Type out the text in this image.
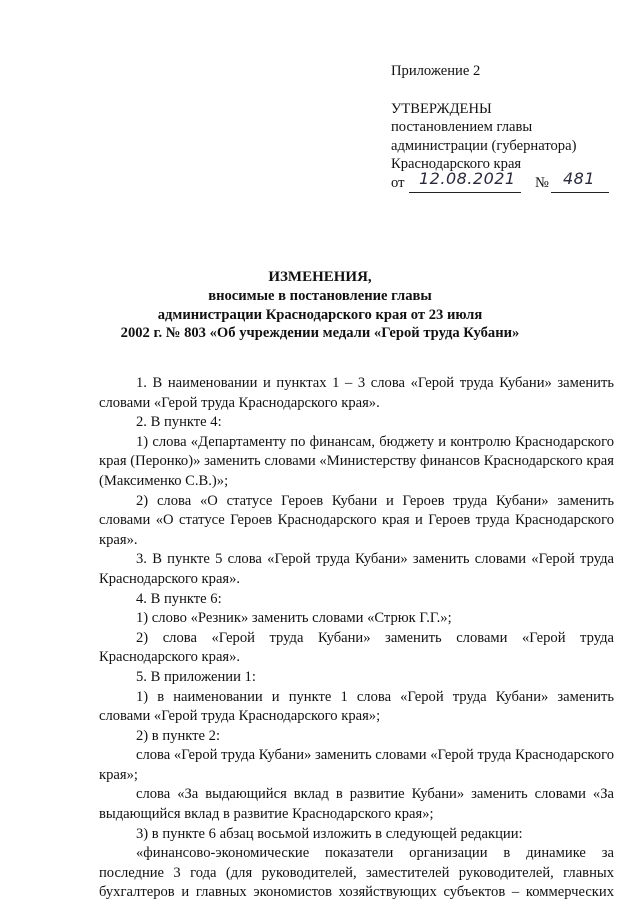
Приложение 2
УТВЕРЖДЕНЫ
постановлением главы
администрации (губернатора)
Краснодарского края
от 12.08.2021 № 481
ИЗМЕНЕНИЯ,
вносимые в постановление главы
администрации Краснодарского края от 23 июля
2002 г. № 803 «Об учреждении медали «Герой труда Кубани»

1. В наименовании и пунктах 1 – 3 слова «Герой труда Кубани» заменить словами «Герой труда Краснодарского края».

2. В пункте 4:

1) слова «Департаменту по финансам, бюджету и контролю Краснодарского края (Перонко)» заменить словами «Министерству финансов Краснодарского края (Максименко С.В.)»;

2) слова «О статусе Героев Кубани и Героев труда Кубани» заменить словами «О статусе Героев Краснодарского края и Героев труда Краснодарского края».

3. В пункте 5 слова «Герой труда Кубани» заменить словами «Герой труда Краснодарского края».

4. В пункте 6:

1) слово «Резник» заменить словами «Стрюк Г.Г.»;

2) слова «Герой труда Кубани» заменить словами «Герой труда Краснодарского края».

5. В приложении 1:

1) в наименовании и пункте 1 слова «Герой труда Кубани» заменить словами «Герой труда Краснодарского края»;

2) в пункте 2:

слова «Герой труда Кубани» заменить словами «Герой труда Краснодарского края»;

слова «За выдающийся вклад в развитие Кубани» заменить словами «За выдающийся вклад в развитие Краснодарского края»;

3) в пункте 6 абзац восьмой изложить в следующей редакции:

«финансово-экономические показатели организации в динамике за последние 3 года (для руководителей, заместителей руководителей, главных бухгалтеров и главных экономистов хозяйствующих субъектов – коммерческих
